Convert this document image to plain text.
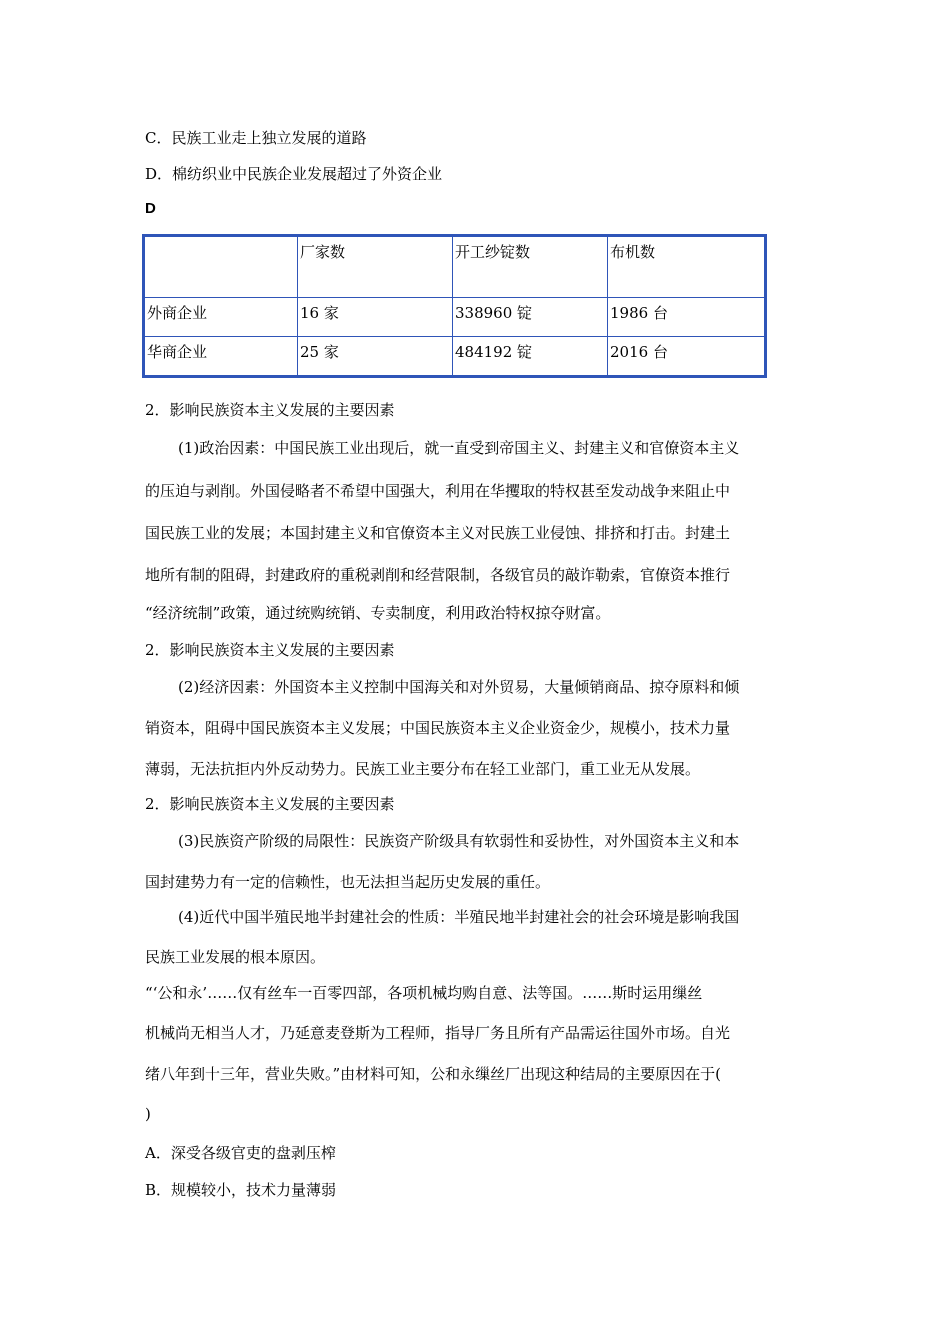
C．民族工业走上独立发展的道路
D．棉纺织业中民族企业发展超过了外资企业
D
	厂家数	开工纱锭数	布机数
外商企业	16 家	338960 锭	1986 台
华商企业	25 家	484192 锭	2016 台
2．影响民族资本主义发展的主要因素
(1)政治因素：中国民族工业出现后，就一直受到帝国主义、封建主义和官僚资本主义
的压迫与剥削。外国侵略者不希望中国强大，利用在华攫取的特权甚至发动战争来阻止中
国民族工业的发展；本国封建主义和官僚资本主义对民族工业侵蚀、排挤和打击。封建土
地所有制的阻碍，封建政府的重税剥削和经营限制，各级官员的敲诈勒索，官僚资本推行
“经济统制”政策，通过统购统销、专卖制度，利用政治特权掠夺财富。
2．影响民族资本主义发展的主要因素
(2)经济因素：外国资本主义控制中国海关和对外贸易，大量倾销商品、掠夺原料和倾
销资本，阻碍中国民族资本主义发展；中国民族资本主义企业资金少，规模小，技术力量
薄弱，无法抗拒内外反动势力。民族工业主要分布在轻工业部门，重工业无从发展。
2．影响民族资本主义发展的主要因素
(3)民族资产阶级的局限性：民族资产阶级具有软弱性和妥协性，对外国资本主义和本
国封建势力有一定的信赖性，也无法担当起历史发展的重任。
(4)近代中国半殖民地半封建社会的性质：半殖民地半封建社会的社会环境是影响我国
民族工业发展的根本原因。
“‘公和永’……仅有丝车一百零四部，各项机械均购自意、法等国。……斯时运用缫丝
机械尚无相当人才，乃延意麦登斯为工程师，指导厂务且所有产品需运往国外市场。自光
绪八年到十三年，营业失败。”由材料可知，公和永缫丝厂出现这种结局的主要原因在于(
)
A．深受各级官吏的盘剥压榨
B．规模较小，技术力量薄弱
